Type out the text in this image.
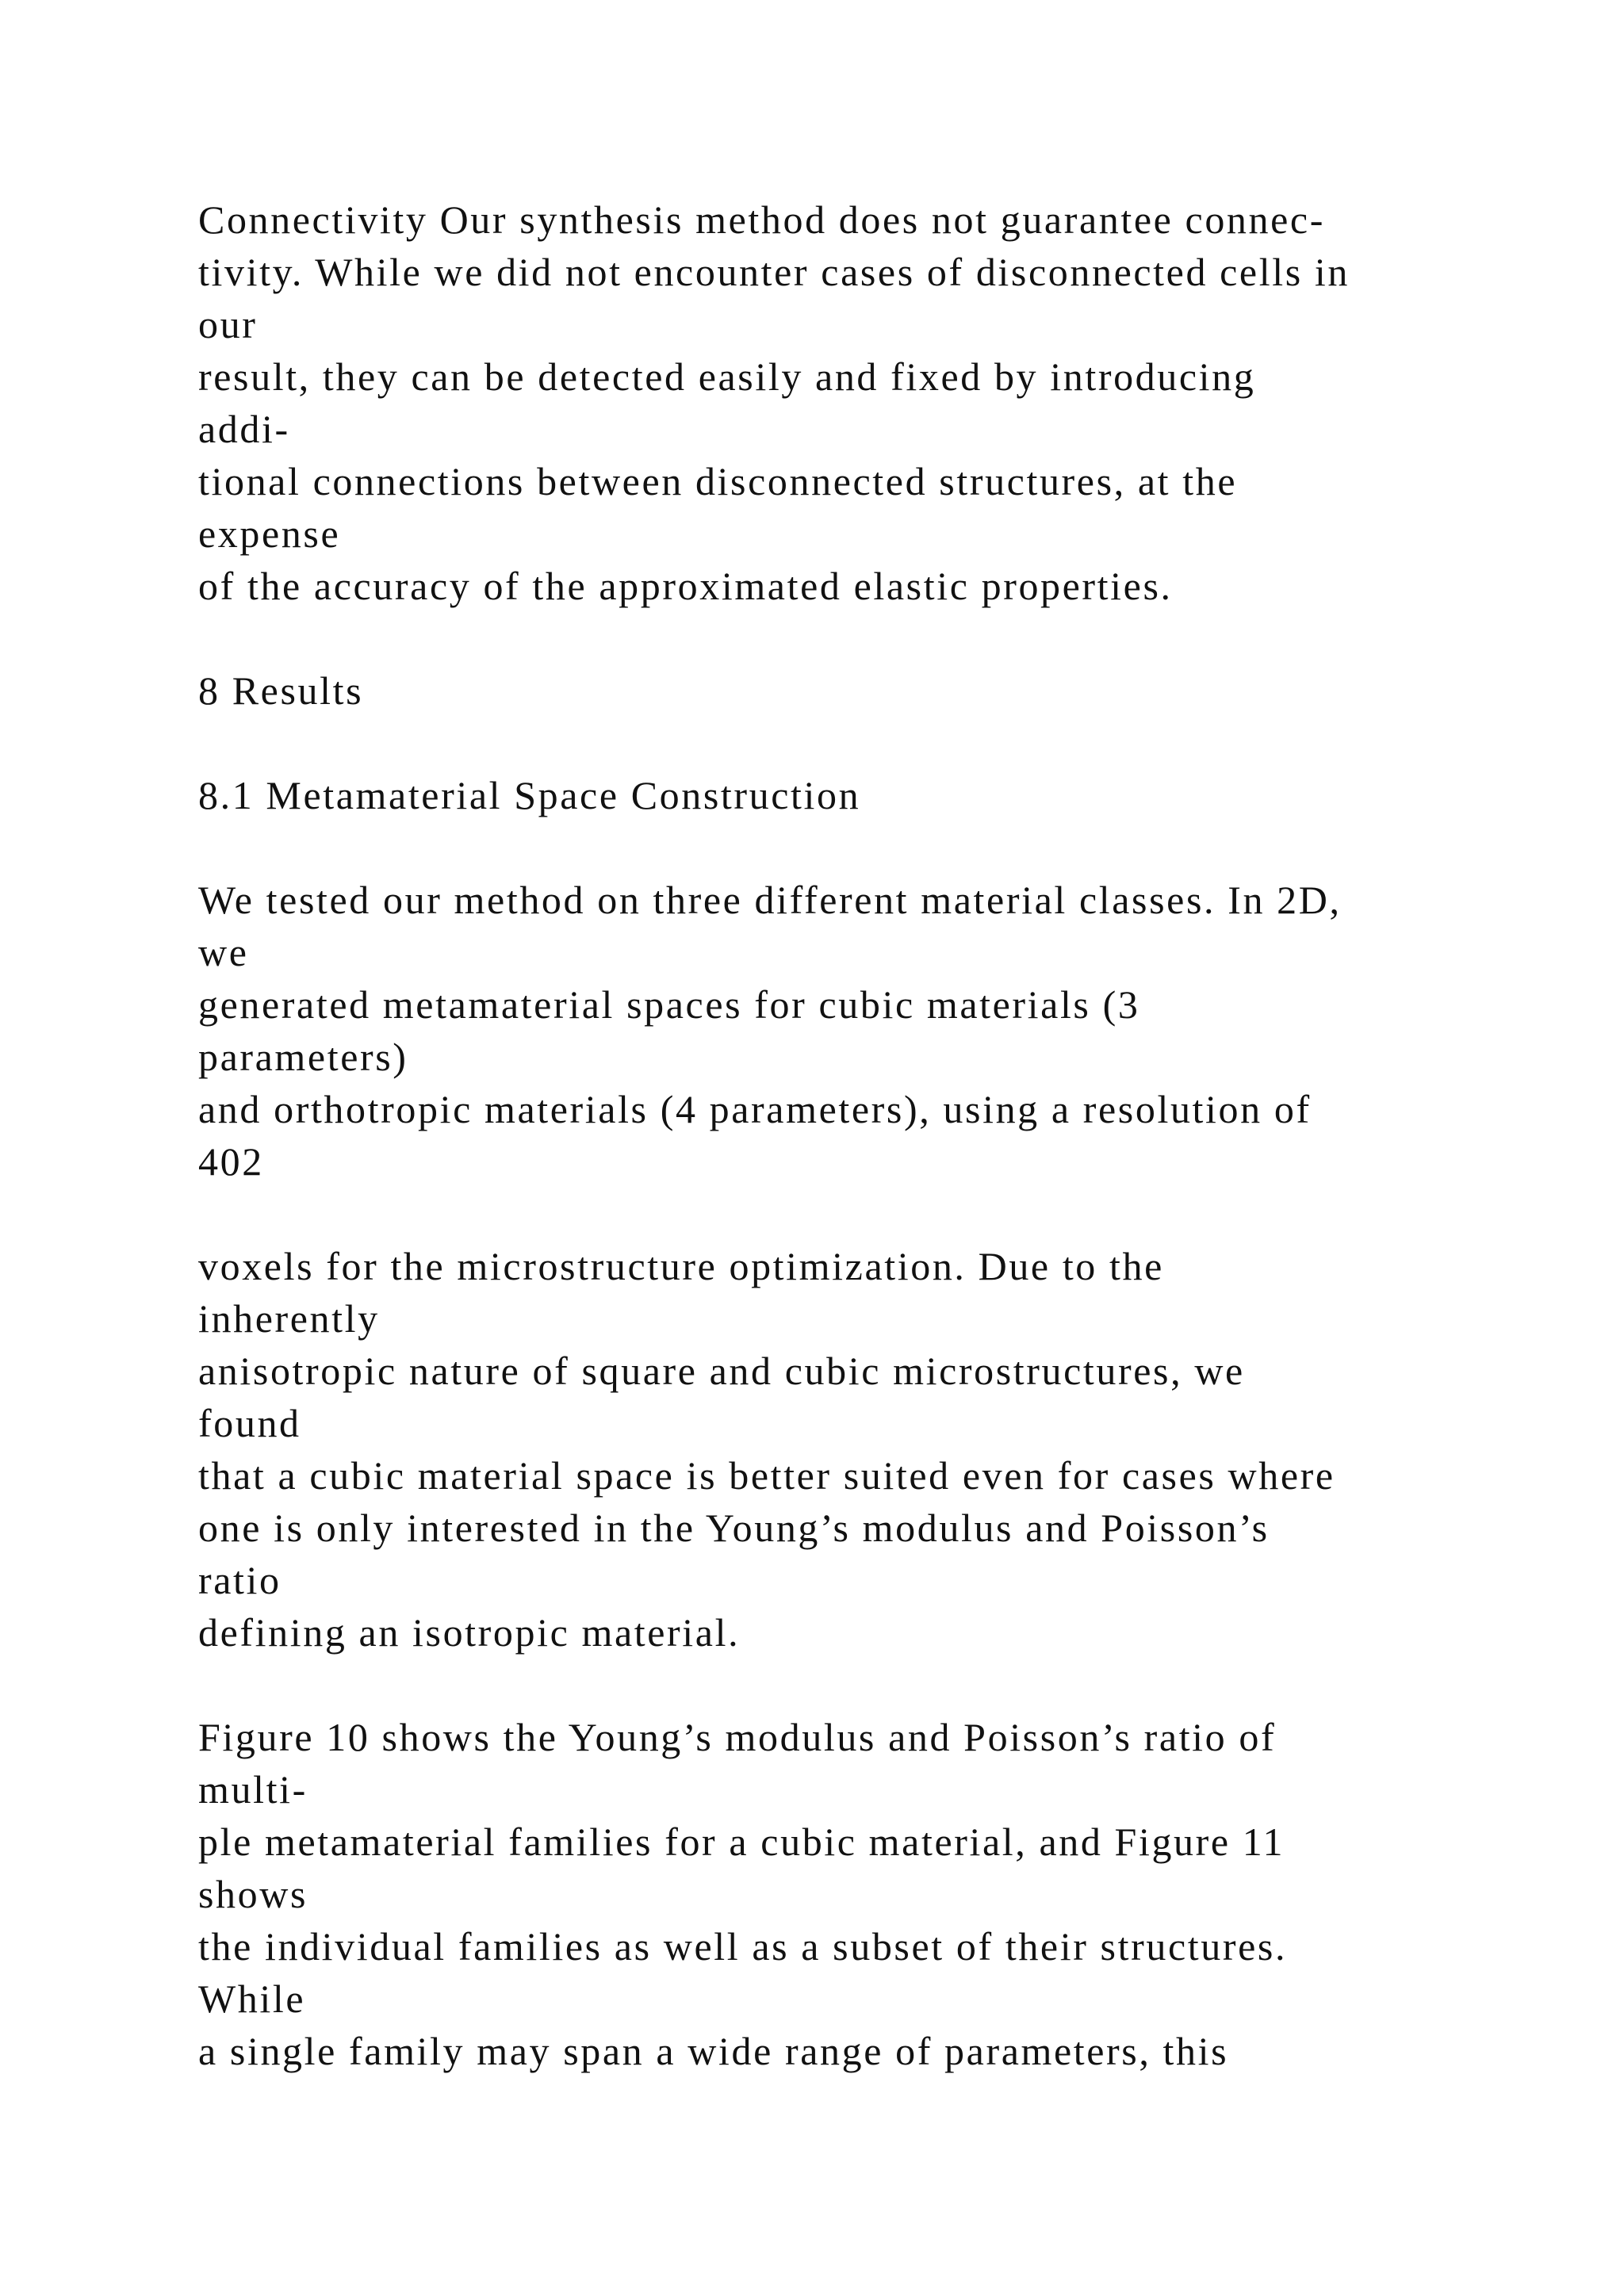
Connectivity Our synthesis method does not guarantee connec-

tivity. While we did not encounter cases of disconnected cells in

our

result, they can be detected easily and fixed by introducing

addi-

tional connections between disconnected structures, at the

expense

of the accuracy of the approximated elastic properties.

8 Results

8.1 Metamaterial Space Construction

We tested our method on three different material classes. In 2D,

we

generated metamaterial spaces for cubic materials (3

parameters)

and orthotropic materials (4 parameters), using a resolution of

402

voxels for the microstructure optimization. Due to the

inherently

anisotropic nature of square and cubic microstructures, we

found

that a cubic material space is better suited even for cases where

one is only interested in the Young’s modulus and Poisson’s

ratio

defining an isotropic material.

Figure 10 shows the Young’s modulus and Poisson’s ratio of

multi-

ple metamaterial families for a cubic material, and Figure 11

shows

the individual families as well as a subset of their structures.

While

a single family may span a wide range of parameters, this
